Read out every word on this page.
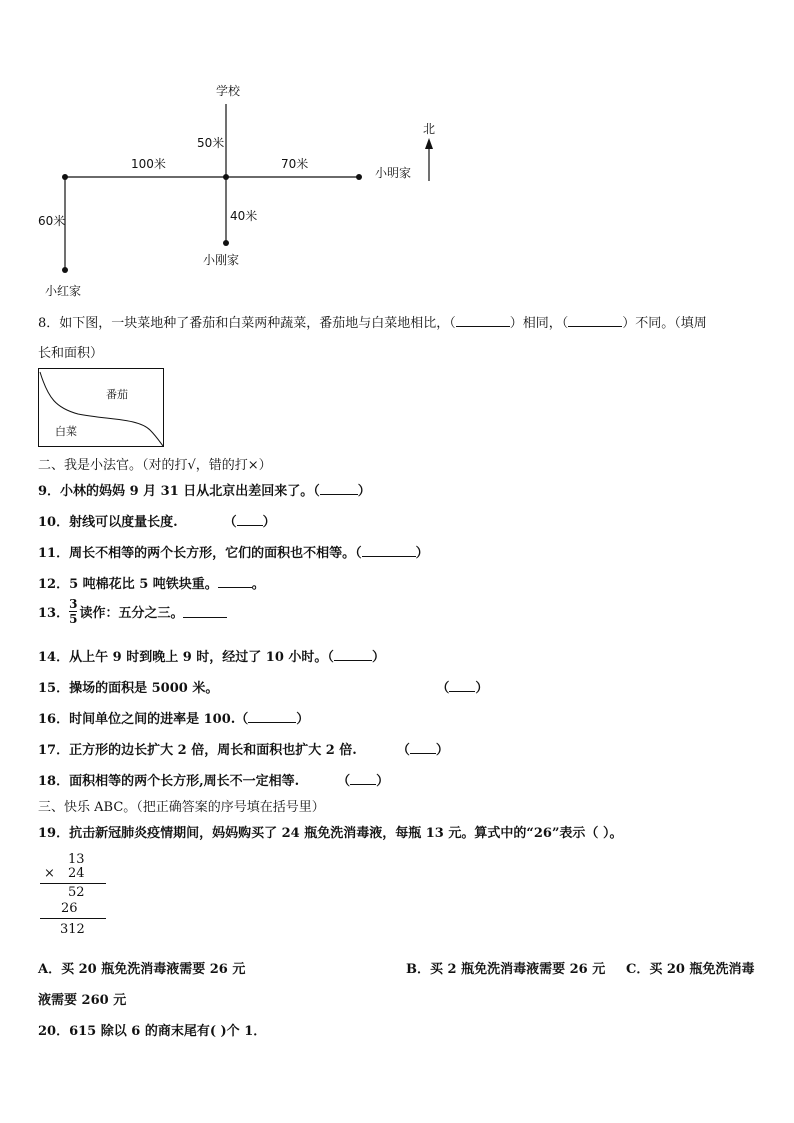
学校
50米
100米	70米
小明家
40米
小刚家
60米
小红家
北
8．如下图，一块菜地种了番茄和白菜两种蔬菜，番茄地与白菜地相比，（	）相同，（	）不同。（填周
长和面积）
番茄
白菜
二、我是小法官。（对的打√，错的打×）
9．小林的妈妈 9 月 31 日从北京出差回来了。（	）
10．射线可以度量长度.	（ ）
11．周长不相等的两个长方形，它们的面积也不相等。（	）
12．5 吨棉花比 5 吨铁块重。	。
13． $\frac{3}{5}$ 读作：五分之三。
14．从上午 9 时到晚上 9 时，经过了 10 小时。（	）
15．操场的面积是 5000 米。	（ ）
16．时间单位之间的进率是 100.（	）
17．正方形的边长扩大 2 倍，周长和面积也扩大 2 倍.	（ ）
18．面积相等的两个长方形,周长不一定相等.	（ ）
三、快乐 ABC。（把正确答案的序号填在括号里）
19．抗击新冠肺炎疫情期间，妈妈购买了 24 瓶免洗消毒液，每瓶 13 元。算式中的“26”表示（ ）。
13
× 24
52
26
312
A．买 20 瓶免洗消毒液需要 26 元	B．买 2 瓶免洗消毒液需要 26 元 C．买 20 瓶免洗消毒
液需要 260 元
20．615 除以 6 的商末尾有( )个 1．
